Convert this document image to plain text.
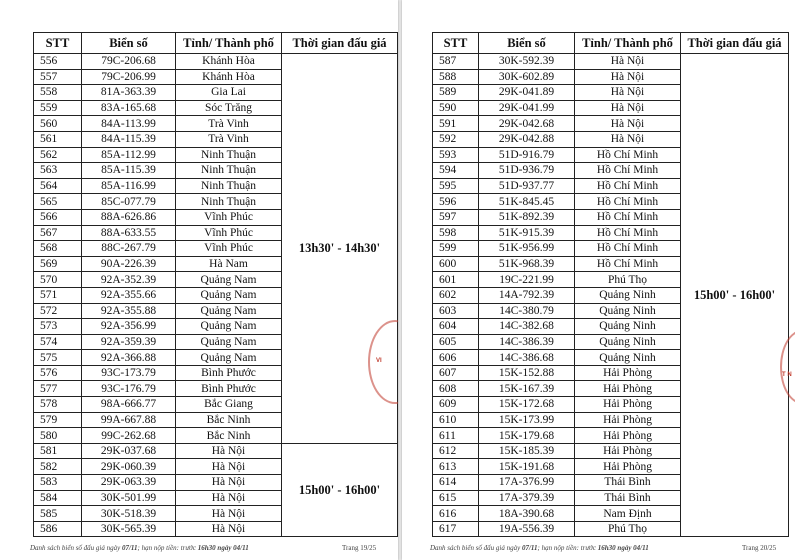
STT	Biển số	Tỉnh/ Thành phố	Thời gian đấu giá
556	79C-206.68	Khánh Hòa	13h30' - 14h30'
557	79C-206.99	Khánh Hòa	
558	81A-363.39	Gia Lai	
559	83A-165.68	Sóc Trăng	
560	84A-113.99	Trà Vinh	
561	84A-115.39	Trà Vinh	
562	85A-112.99	Ninh Thuận	
563	85A-115.39	Ninh Thuận	
564	85A-116.99	Ninh Thuận	
565	85C-077.79	Ninh Thuận	
566	88A-626.86	Vĩnh Phúc	
567	88A-633.55	Vĩnh Phúc	
568	88C-267.79	Vĩnh Phúc	
569	90A-226.39	Hà Nam	
570	92A-352.39	Quảng Nam	
571	92A-355.66	Quảng Nam	
572	92A-355.88	Quảng Nam	
573	92A-356.99	Quảng Nam	
574	92A-359.39	Quảng Nam	
575	92A-366.88	Quảng Nam	
576	93C-173.79	Bình Phước	
577	93C-176.79	Bình Phước	
578	98A-666.77	Bắc Giang	
579	99A-667.88	Bắc Ninh	
580	99C-262.68	Bắc Ninh	
581	29K-037.68	Hà Nội	15h00' - 16h00'
582	29K-060.39	Hà Nội	
583	29K-063.39	Hà Nội	
584	30K-501.99	Hà Nội	
585	30K-518.39	Hà Nội	
586	30K-565.39	Hà Nội	
Danh sách biển số đấu giá ngày 07/11; hạn nộp tiền: trước 16h30 ngày 04/11	Trang 19/25
VI
STT	Biển số	Tỉnh/ Thành phố	Thời gian đấu giá
587	30K-592.39	Hà Nội	15h00' - 16h00'
588	30K-602.89	Hà Nội	
589	29K-041.89	Hà Nội	
590	29K-041.99	Hà Nội	
591	29K-042.68	Hà Nội	
592	29K-042.88	Hà Nội	
593	51D-916.79	Hồ Chí Minh	
594	51D-936.79	Hồ Chí Minh	
595	51D-937.77	Hồ Chí Minh	
596	51K-845.45	Hồ Chí Minh	
597	51K-892.39	Hồ Chí Minh	
598	51K-915.39	Hồ Chí Minh	
599	51K-956.99	Hồ Chí Minh	
600	51K-968.39	Hồ Chí Minh	
601	19C-221.99	Phú Thọ	
602	14A-792.39	Quảng Ninh	
603	14C-380.79	Quảng Ninh	
604	14C-382.68	Quảng Ninh	
605	14C-386.39	Quảng Ninh	
606	14C-386.68	Quảng Ninh	
607	15K-152.88	Hải Phòng	
608	15K-167.39	Hải Phòng	
609	15K-172.68	Hải Phòng	
610	15K-173.99	Hải Phòng	
611	15K-179.68	Hải Phòng	
612	15K-185.39	Hải Phòng	
613	15K-191.68	Hải Phòng	
614	17A-376.99	Thái Bình	
615	17A-379.39	Thái Bình	
616	18A-390.68	Nam Định	
617	19A-556.39	Phú Thọ	
Danh sách biển số đấu giá ngày 07/11; hạn nộp tiền: trước 16h30 ngày 04/11	Trang 20/25
T N
